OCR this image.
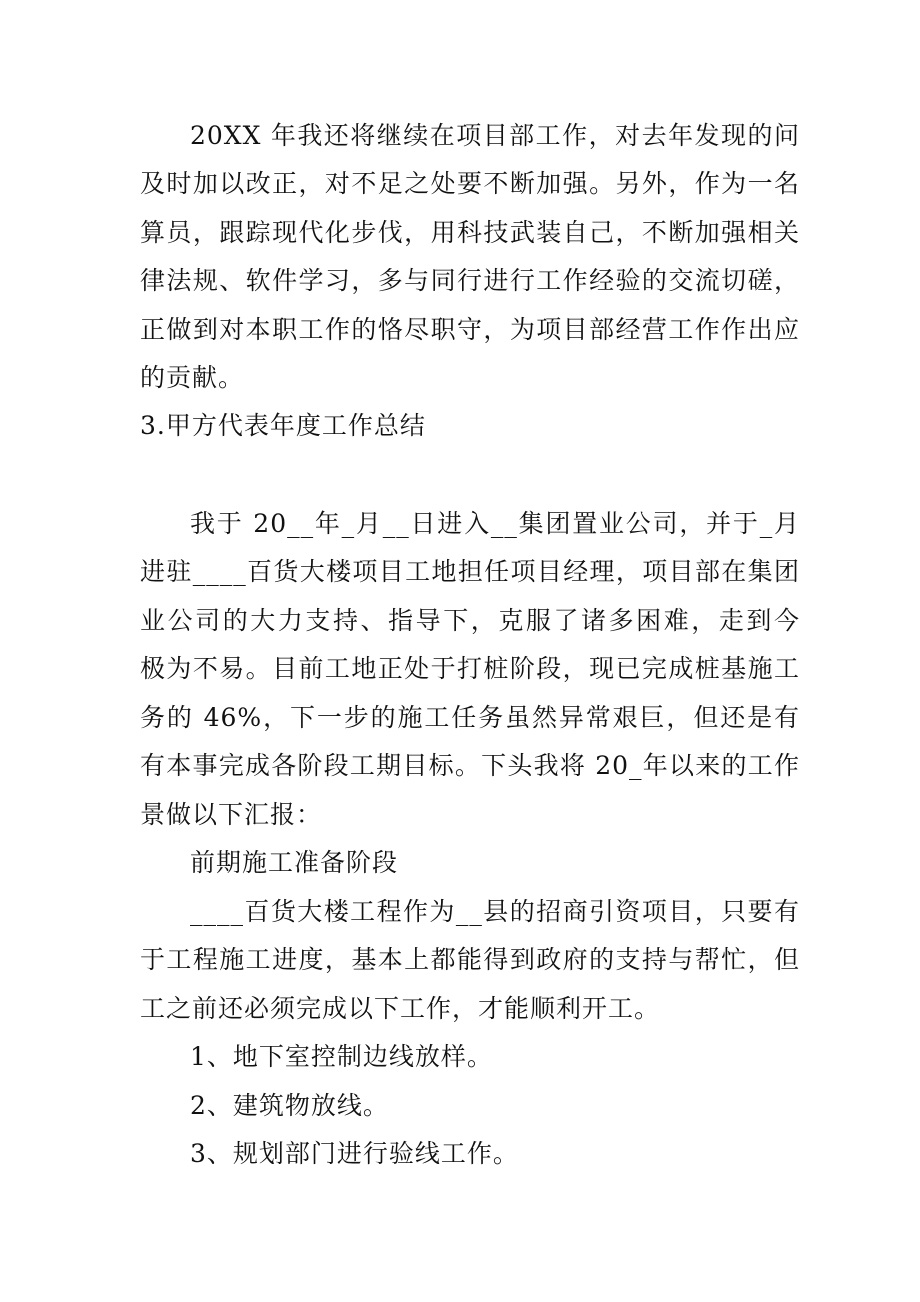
20XX 年我还将继续在项目部工作，对去年发现的问
及时加以改正，对不足之处要不断加强。另外，作为一名
算员，跟踪现代化步伐，用科技武装自己，不断加强相关
律法规、软件学习，多与同行进行工作经验的交流切磋，
正做到对本职工作的恪尽职守，为项目部经营工作作出应
的贡献。
3.甲方代表年度工作总结
我于 20__年_月__日进入__集团置业公司，并于_月
进驻____百货大楼项目工地担任项目经理，项目部在集团
业公司的大力支持、指导下，克服了诸多困难，走到今
极为不易。目前工地正处于打桩阶段，现已完成桩基施工
务的 46%，下一步的施工任务虽然异常艰巨，但还是有
有本事完成各阶段工期目标。下头我将 20_年以来的工作
景做以下汇报：
前期施工准备阶段
____百货大楼工程作为__县的招商引资项目，只要有
于工程施工进度，基本上都能得到政府的支持与帮忙，但
工之前还必须完成以下工作，才能顺利开工。
1、地下室控制边线放样。
2、建筑物放线。
3、规划部门进行验线工作。
